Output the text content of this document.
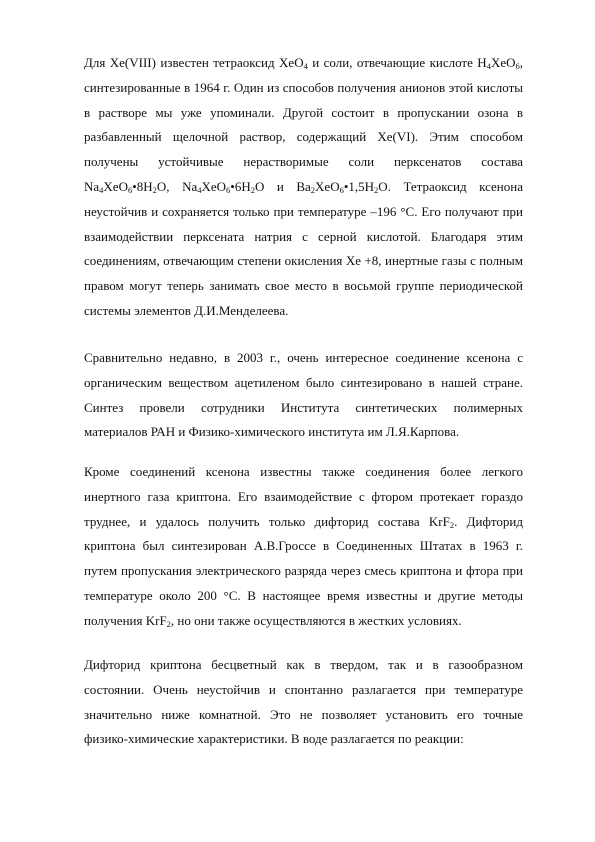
Для Xe(VIII) известен тетраоксид XeO$_4$ и соли, отвечающие кислоте $H_4XeO_6$,
синтезированные в 1964 г. Один из способов получения анионов этой кислоты
в растворе мы уже упоминали. Другой состоит в пропускании озона в
разбавленный щелочной раствор, содержащий Xe(VI). Этим способом
получены устойчивые нерастворимые соли перксенатов состава
$Na_4XeO_6•8H_2O$, $Na_4XeO_6•6H_2O$ и $Ba_2XeO_6•1,5H_2O$. Тетраоксид ксенона
неустойчив и сохраняется только при температуре –196 °С. Его получают при
взаимодействии перксената натрия с серной кислотой. Благодаря этим
соединениям, отвечающим степени окисления Xe +8, инертные газы с полным
правом могут теперь занимать свое место в восьмой группе периодической
системы элементов Д.И.Менделеева.
Сравнительно недавно, в 2003 г., очень интересное соединение ксенона с
органическим веществом ацетиленом было синтезировано в нашей стране.
Синтез провели сотрудники Института синтетических полимерных
материалов РАН и Физико-химического института им Л.Я.Карпова.
Кроме соединений ксенона известны также соединения более легкого
инертного газа криптона. Его взаимодействие с фтором протекает гораздо
труднее, и удалось получить только дифторид состава KrF$_2$. Дифторид
криптона был синтезирован А.В.Гроссе в Соединенных Штатах в 1963 г.
путем пропускания электрического разряда через смесь криптона и фтора при
температуре около 200 °С. В настоящее время известны и другие методы
получения KrF$_2$, но они также осуществляются в жестких условиях.
Дифторид криптона бесцветный как в твердом, так и в газообразном
состоянии. Очень неустойчив и спонтанно разлагается при температуре
значительно ниже комнатной. Это не позволяет установить его точные
физико-химические характеристики. В воде разлагается по реакции:
